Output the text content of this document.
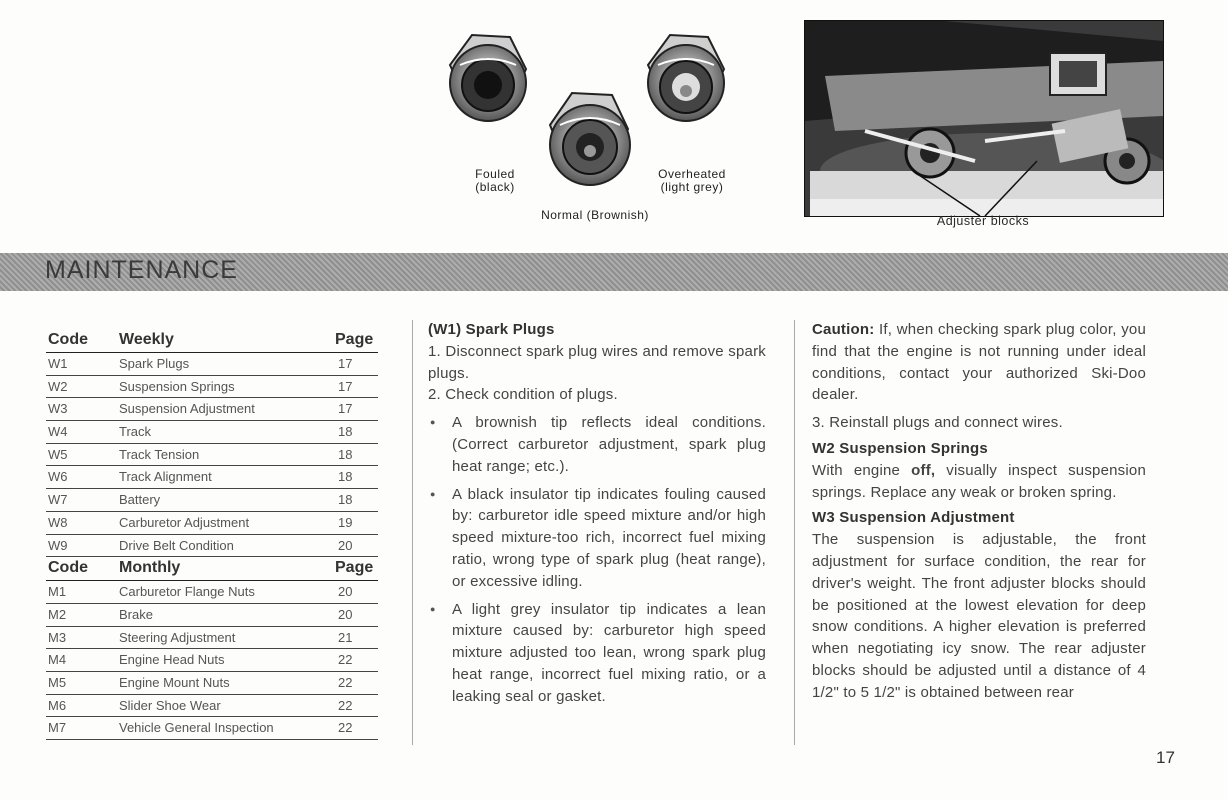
Fouled
(black)
Overheated
(light grey)
Normal (Brownish)	Adjuster blocks
MAINTENANCE
Code Weekly	Page
W1	Spark Plugs	17
W2	Suspension Springs	17
W3	Suspension Adjustment	17
W4	Track	18
W5	Track Tension	18
W6	Track Alignment	18
W7	Battery	18
W8	Carburetor Adjustment	19
W9	Drive Belt Condition	20
Code Monthly	Page
M1	Carburetor Flange Nuts	20
M2	Brake	20
M3	Steering Adjustment	21
M4	Engine Head Nuts	22
M5	Engine Mount Nuts	22
M6	Slider Shoe Wear	22
M7	Vehicle General Inspection	22

(W1) Spark Plugs

1. Disconnect spark plug wires and remove spark plugs.

2. Check condition of plugs.

● A brownish tip reflects ideal conditions. (Correct carburetor adjustment, spark plug heat range; etc.).

● A black insulator tip indicates fouling caused by: carburetor idle speed mixture and/or high speed mixture-too rich, incorrect fuel mixing ratio, wrong type of spark plug (heat range), or excessive idling.

● A light grey insulator tip indicates a lean mixture caused by: carburetor high speed mixture adjusted too lean, wrong spark plug heat range, incorrect fuel mixing ratio, or a leaking seal or gasket.

Caution: If, when checking spark plug color, you find that the engine is not running under ideal conditions, contact your authorized Ski-Doo dealer.

3. Reinstall plugs and connect wires.

W2 Suspension Springs

With engine off, visually inspect suspension springs. Replace any weak or broken spring.

W3 Suspension Adjustment

The suspension is adjustable, the front adjustment for surface condition, the rear for driver's weight. The front adjuster blocks should be positioned at the lowest elevation for deep snow conditions. A higher elevation is preferred when negotiating icy snow. The rear adjuster blocks should be adjusted until a distance of 4 1/2" to 5 1/2" is obtained between rear

17
